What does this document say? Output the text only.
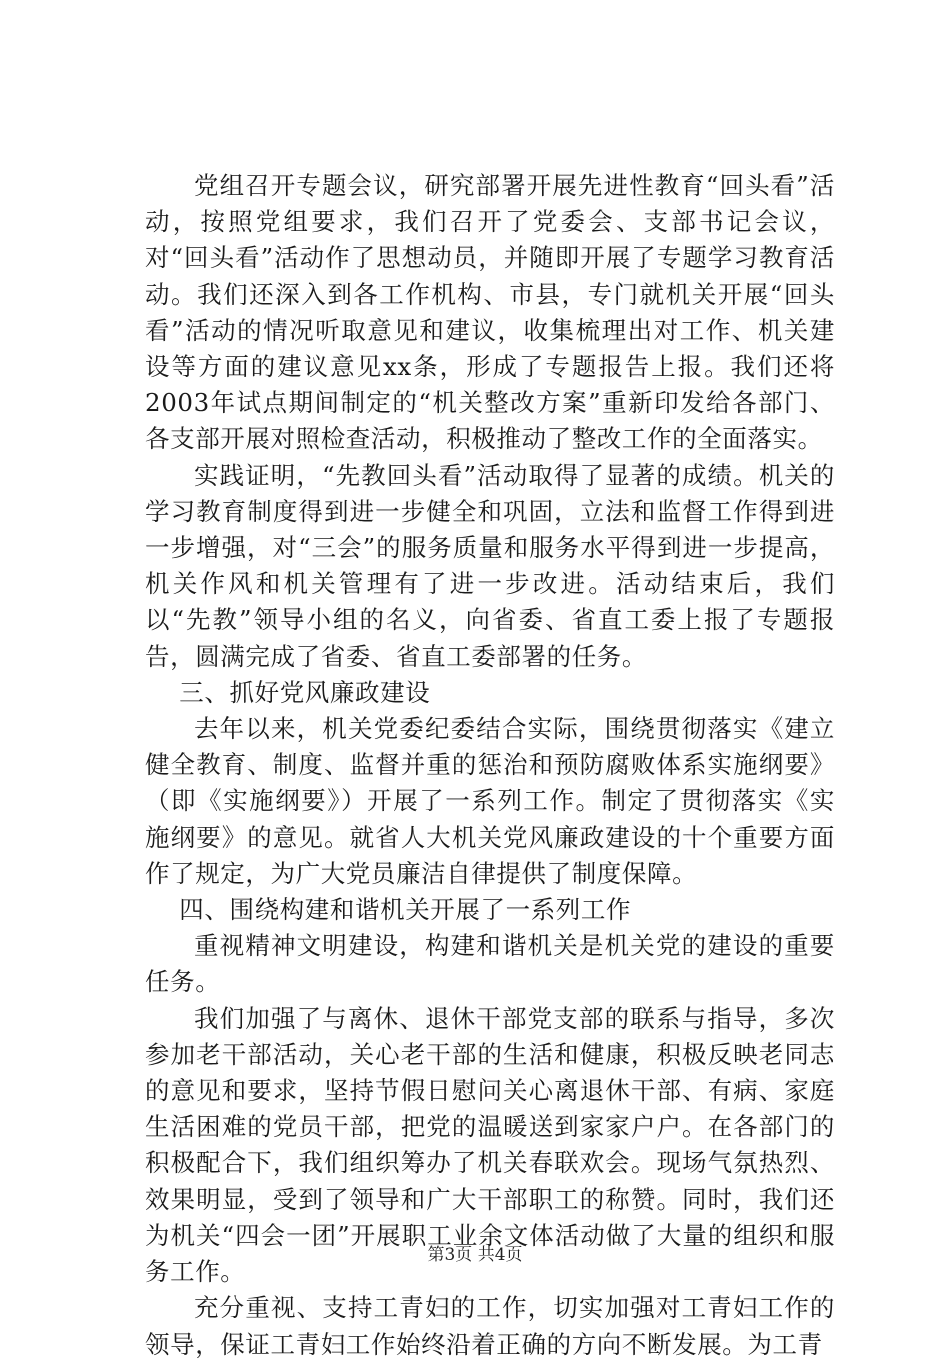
党组召开专题会议，研究部署开展先进性教育“回头看”活动，按照党组要求，我们召开了党委会、支部书记会议，对“回头看”活动作了思想动员，并随即开展了专题学习教育活动。我们还深入到各工作机构、市县，专门就机关开展“回头看”活动的情况听取意见和建议，收集梳理出对工作、机关建设等方面的建议意见xx条，形成了专题报告上报。我们还将2003年试点期间制定的“机关整改方案”重新印发给各部门、各支部开展对照检查活动，积极推动了整改工作的全面落实。

实践证明，“先教回头看”活动取得了显著的成绩。机关的学习教育制度得到进一步健全和巩固，立法和监督工作得到进一步增强，对“三会”的服务质量和服务水平得到进一步提高，机关作风和机关管理有了进一步改进。活动结束后，我们以“先教”领导小组的名义，向省委、省直工委上报了专题报告，圆满完成了省委、省直工委部署的任务。

三、抓好党风廉政建设

去年以来，机关党委纪委结合实际，围绕贯彻落实《建立健全教育、制度、监督并重的惩治和预防腐败体系实施纲要》（即《实施纲要》）开展了一系列工作。制定了贯彻落实《实施纲要》的意见。就省人大机关党风廉政建设的十个重要方面作了规定，为广大党员廉洁自律提供了制度保障。

四、围绕构建和谐机关开展了一系列工作

重视精神文明建设，构建和谐机关是机关党的建设的重要任务。

我们加强了与离休、退休干部党支部的联系与指导，多次参加老干部活动，关心老干部的生活和健康，积极反映老同志的意见和要求，坚持节假日慰问关心离退休干部、有病、家庭生活困难的党员干部，把党的温暖送到家家户户。在各部门的积极配合下，我们组织筹办了机关春联欢会。现场气氛热烈、效果明显，受到了领导和广大干部职工的称赞。同时，我们还为机关“四会一团”开展职工业余文体活动做了大量的组织和服务工作。

充分重视、支持工青妇的工作，切实加强对工青妇工作的领导，保证工青妇工作始终沿着正确的方向不断发展。为工青

第3页 共4页
